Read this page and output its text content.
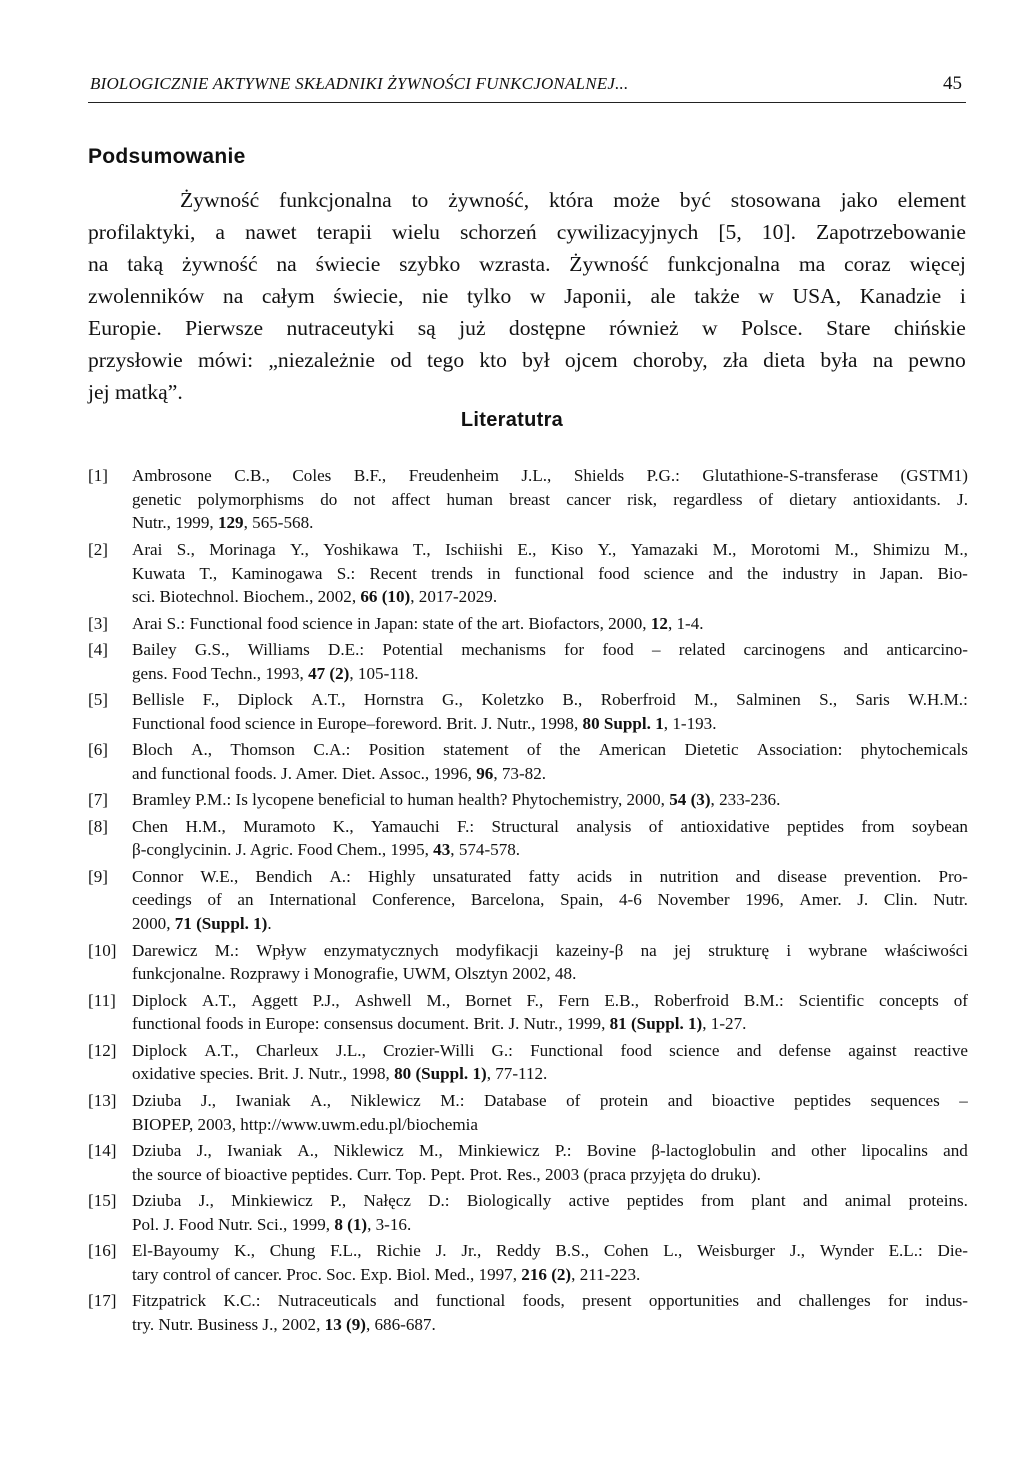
BIOLOGICZNIE AKTYWNE SKŁADNIKI ŻYWNOŚCI FUNKCJONALNEJ...	45
Podsumowanie
Żywność funkcjonalna to żywność, która może być stosowana jako element
profilaktyki, a nawet terapii wielu schorzeń cywilizacyjnych [5, 10]. Zapotrzebowanie
na taką żywność na świecie szybko wzrasta. Żywność funkcjonalna ma coraz więcej
zwolenników na całym świecie, nie tylko w Japonii, ale także w USA, Kanadzie i
Europie. Pierwsze nutraceutyki są już dostępne również w Polsce. Stare chińskie
przysłowie mówi: „niezależnie od tego kto był ojcem choroby, zła dieta była na pewno
jej matką”.
Literatutra
[1] Ambrosone C.B., Coles B.F., Freudenheim J.L., Shields P.G.: Glutathione-S-transferase (GSTM1)
genetic polymorphisms do not affect human breast cancer risk, regardless of dietary antioxidants. J.
Nutr., 1999, 129, 565-568.
[2] Arai S., Morinaga Y., Yoshikawa T., Ischiishi E., Kiso Y., Yamazaki M., Morotomi M., Shimizu M.,
Kuwata T., Kaminogawa S.: Recent trends in functional food science and the industry in Japan. Bio-
sci. Biotechnol. Biochem., 2002, 66 (10), 2017-2029.
[3] Arai S.: Functional food science in Japan: state of the art. Biofactors, 2000, 12, 1-4.
[4] Bailey G.S., Williams D.E.: Potential mechanisms for food – related carcinogens and anticarcino-
gens. Food Techn., 1993, 47 (2), 105-118.
[5] Bellisle F., Diplock A.T., Hornstra G., Koletzko B., Roberfroid M., Salminen S., Saris W.H.M.:
Functional food science in Europe–foreword. Brit. J. Nutr., 1998, 80 Suppl. 1, 1-193.
[6] Bloch A., Thomson C.A.: Position statement of the American Dietetic Association: phytochemicals
and functional foods. J. Amer. Diet. Assoc., 1996, 96, 73-82.
[7] Bramley P.M.: Is lycopene beneficial to human health? Phytochemistry, 2000, 54 (3), 233-236.
[8] Chen H.M., Muramoto K., Yamauchi F.: Structural analysis of antioxidative peptides from soybean
β-conglycinin. J. Agric. Food Chem., 1995, 43, 574-578.
[9] Connor W.E., Bendich A.: Highly unsaturated fatty acids in nutrition and disease prevention. Pro-
ceedings of an International Conference, Barcelona, Spain, 4-6 November 1996, Amer. J. Clin. Nutr.
2000, 71 (Suppl. 1).
[10] Darewicz M.: Wpływ enzymatycznych modyfikacji kazeiny-β na jej strukturę i wybrane właściwości
funkcjonalne. Rozprawy i Monografie, UWM, Olsztyn 2002, 48.
[11] Diplock A.T., Aggett P.J., Ashwell M., Bornet F., Fern E.B., Roberfroid B.M.: Scientific concepts of
functional foods in Europe: consensus document. Brit. J. Nutr., 1999, 81 (Suppl. 1), 1-27.
[12] Diplock A.T., Charleux J.L., Crozier-Willi G.: Functional food science and defense against reactive
oxidative species. Brit. J. Nutr., 1998, 80 (Suppl. 1), 77-112.
[13] Dziuba J., Iwaniak A., Niklewicz M.: Database of protein and bioactive peptides sequences –
BIOPEP, 2003, http://www.uwm.edu.pl/biochemia
[14] Dziuba J., Iwaniak A., Niklewicz M., Minkiewicz P.: Bovine β-lactoglobulin and other lipocalins and
the source of bioactive peptides. Curr. Top. Pept. Prot. Res., 2003 (praca przyjęta do druku).
[15] Dziuba J., Minkiewicz P., Nałęcz D.: Biologically active peptides from plant and animal proteins.
Pol. J. Food Nutr. Sci., 1999, 8 (1), 3-16.
[16] El-Bayoumy K., Chung F.L., Richie J. Jr., Reddy B.S., Cohen L., Weisburger J., Wynder E.L.: Die-
tary control of cancer. Proc. Soc. Exp. Biol. Med., 1997, 216 (2), 211-223.
[17] Fitzpatrick K.C.: Nutraceuticals and functional foods, present opportunities and challenges for indus-
try. Nutr. Business J., 2002, 13 (9), 686-687.
